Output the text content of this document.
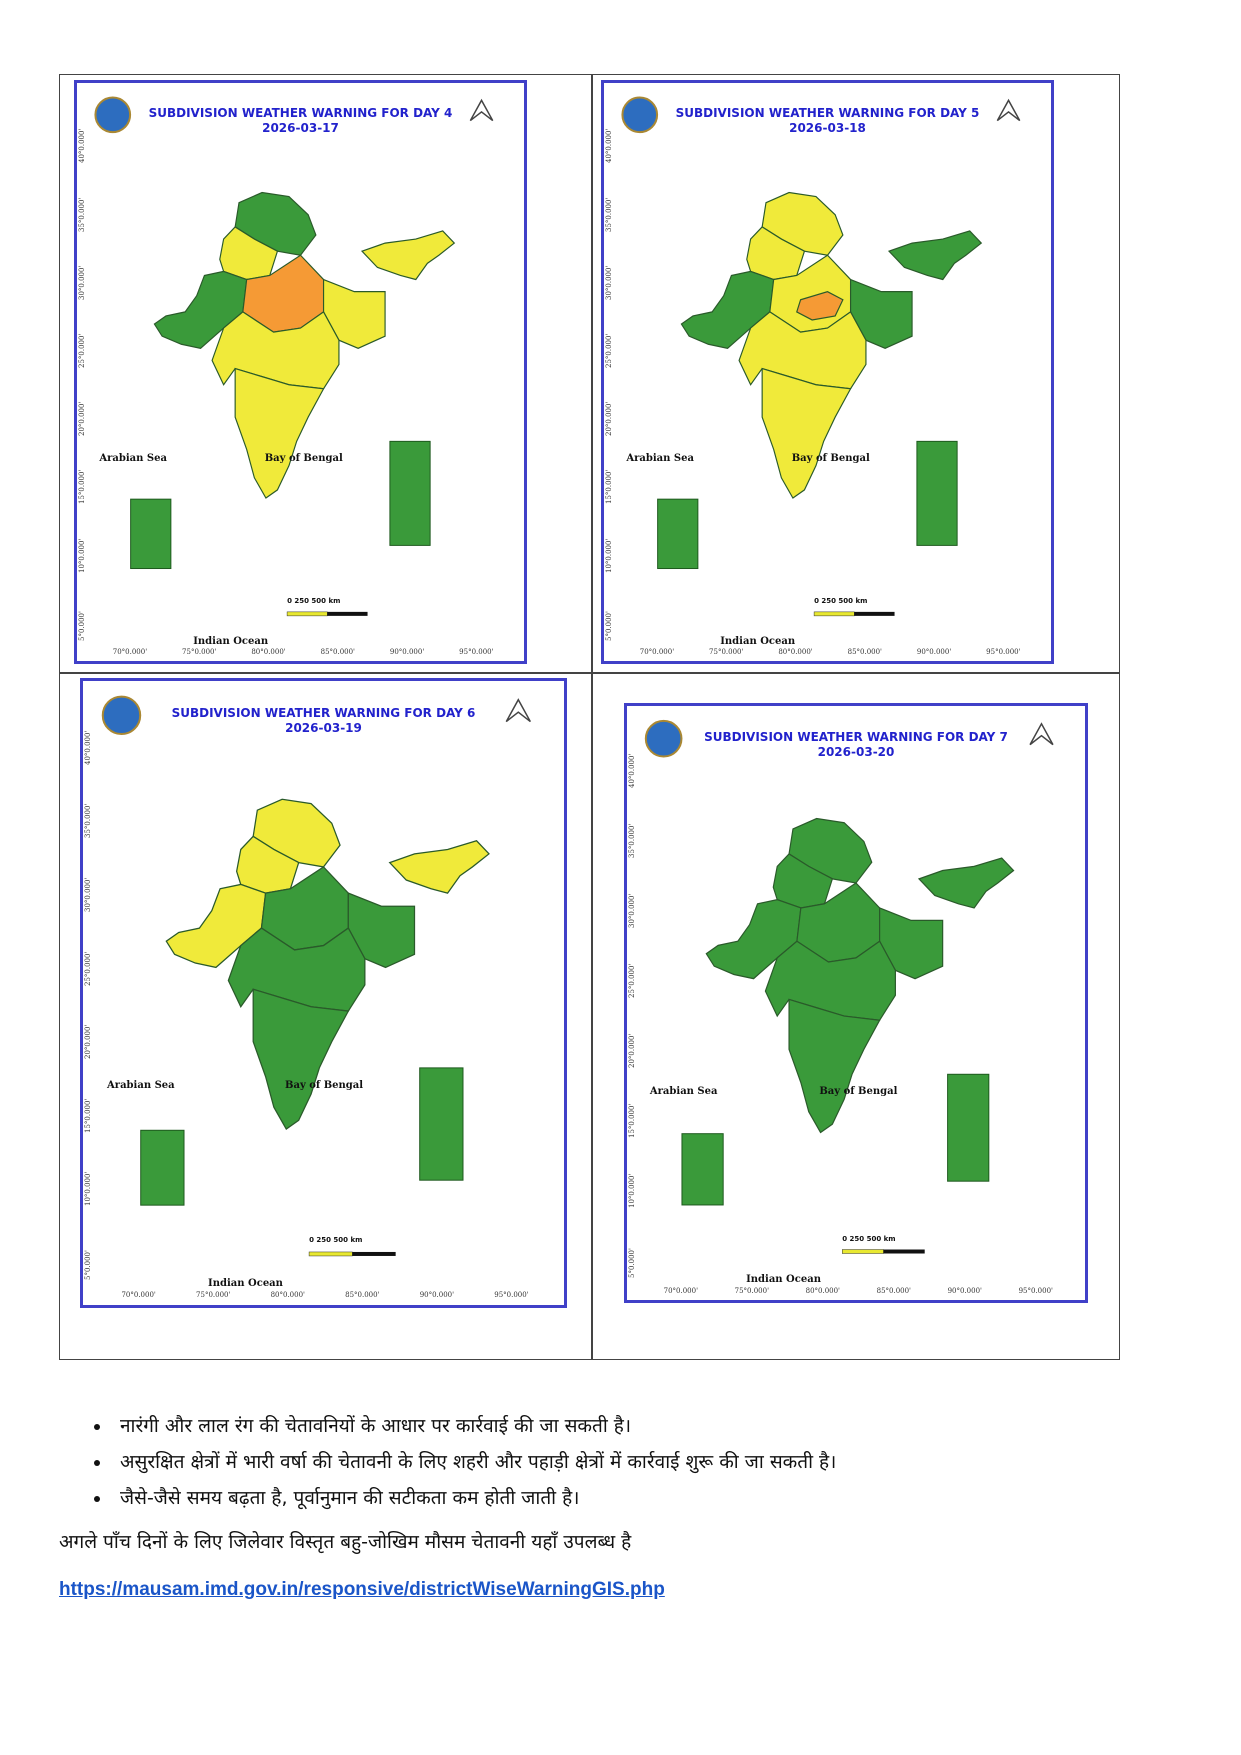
SUBDIVISION WEATHER WARNING FOR DAY 4
2026-03-17
Arabian Sea	Bay of Bengal
Indian Ocean
0 250 500 km
70°0.000'	75°0.000'	80°0.000'	85°0.000'	90°0.000'	95°0.000'
40°0.000'
35°0.000'
30°0.000'
25°0.000'
20°0.000'
15°0.000'
10°0.000'
5°0.000'
SUBDIVISION WEATHER WARNING FOR DAY 5
2026-03-18
Arabian Sea	Bay of Bengal
Indian Ocean
0 250 500 km
70°0.000'	75°0.000'	80°0.000'	85°0.000'	90°0.000'	95°0.000'
40°0.000'
35°0.000'
30°0.000'
25°0.000'
20°0.000'
15°0.000'
10°0.000'
5°0.000'
SUBDIVISION WEATHER WARNING FOR DAY 6
2026-03-19
Arabian Sea	Bay of Bengal
Indian Ocean
0 250 500 km
70°0.000'	75°0.000'	80°0.000'	85°0.000'	90°0.000'	95°0.000'
40°0.000'
35°0.000'
30°0.000'
25°0.000'
20°0.000'
15°0.000'
10°0.000'
5°0.000'
SUBDIVISION WEATHER WARNING FOR DAY 7
2026-03-20
Arabian Sea	Bay of Bengal
Indian Ocean
0 250 500 km
70°0.000'	75°0.000'	80°0.000'	85°0.000'	90°0.000'	95°0.000'
40°0.000'
35°0.000'
30°0.000'
25°0.000'
20°0.000'
15°0.000'
10°0.000'
5°0.000'
• नारंगी और लाल रंग की चेतावनियों के आधार पर कार्रवाई की जा सकती है।
• असुरक्षित क्षेत्रों में भारी वर्षा की चेतावनी के लिए शहरी और पहाड़ी क्षेत्रों में कार्रवाई शुरू की जा सकती है।
• जैसे-जैसे समय बढ़ता है, पूर्वानुमान की सटीकता कम होती जाती है।
अगले पाँच दिनों के लिए जिलेवार विस्तृत बहु-जोखिम मौसम चेतावनी यहाँ उपलब्ध है
https://mausam.imd.gov.in/responsive/districtWiseWarningGIS.php
